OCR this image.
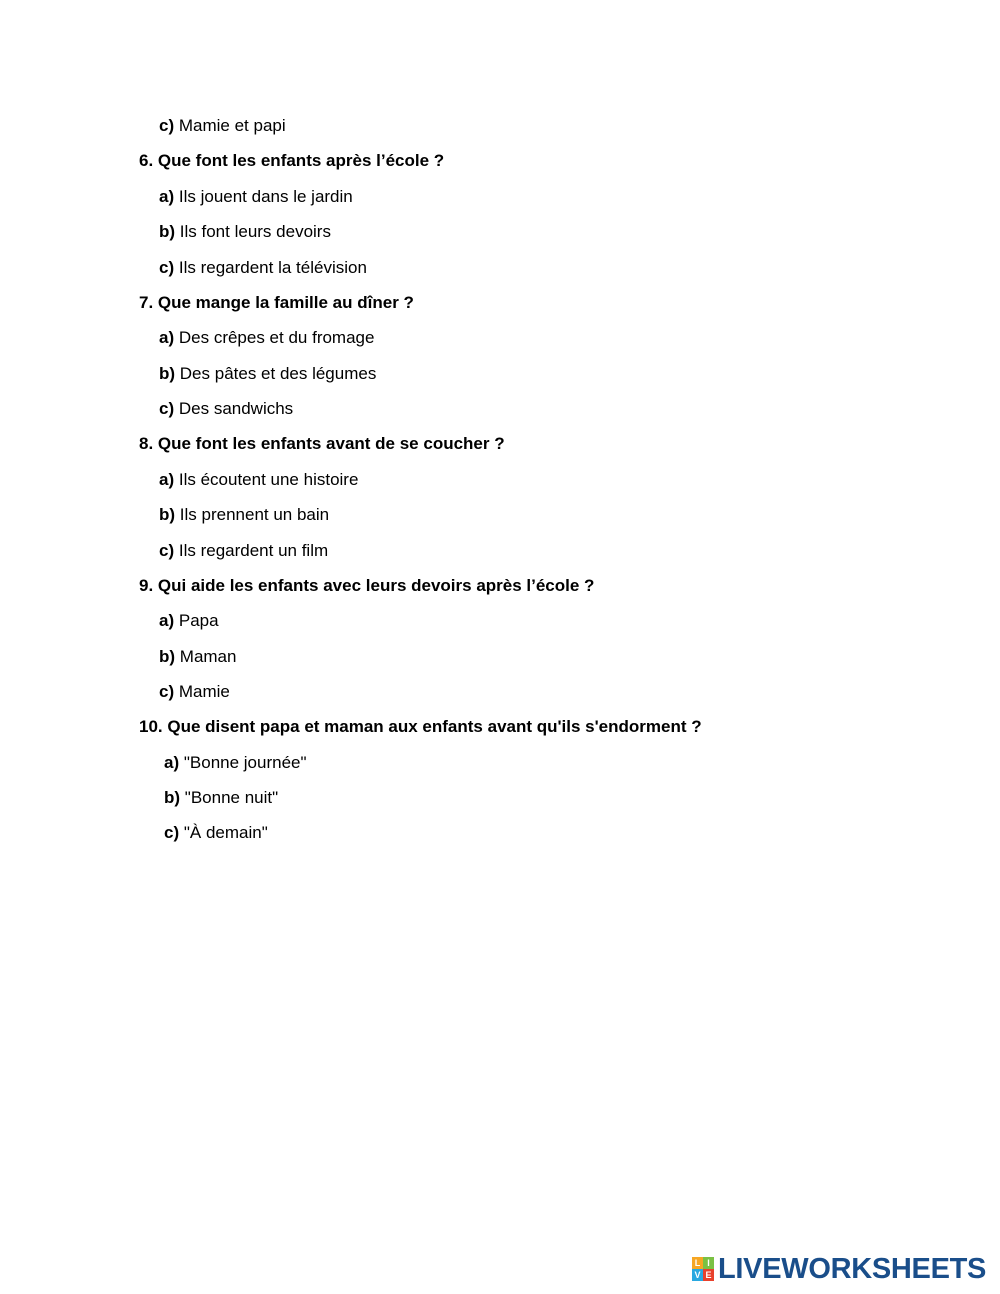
c) Mamie et papi
6. Que font les enfants après l’école ?
a) Ils jouent dans le jardin
b) Ils font leurs devoirs
c) Ils regardent la télévision
7. Que mange la famille au dîner ?
a) Des crêpes et du fromage
b) Des pâtes et des légumes
c) Des sandwichs
8. Que font les enfants avant de se coucher ?
a) Ils écoutent une histoire
b) Ils prennent un bain
c) Ils regardent un film
9. Qui aide les enfants avec leurs devoirs après l’école ?
a) Papa
b) Maman
c) Mamie
10. Que disent papa et maman aux enfants avant qu'ils s'endorment ?
a) "Bonne journée"
b) "Bonne nuit"
c) "À demain"
L I
V E LIVEWORKSHEETS
